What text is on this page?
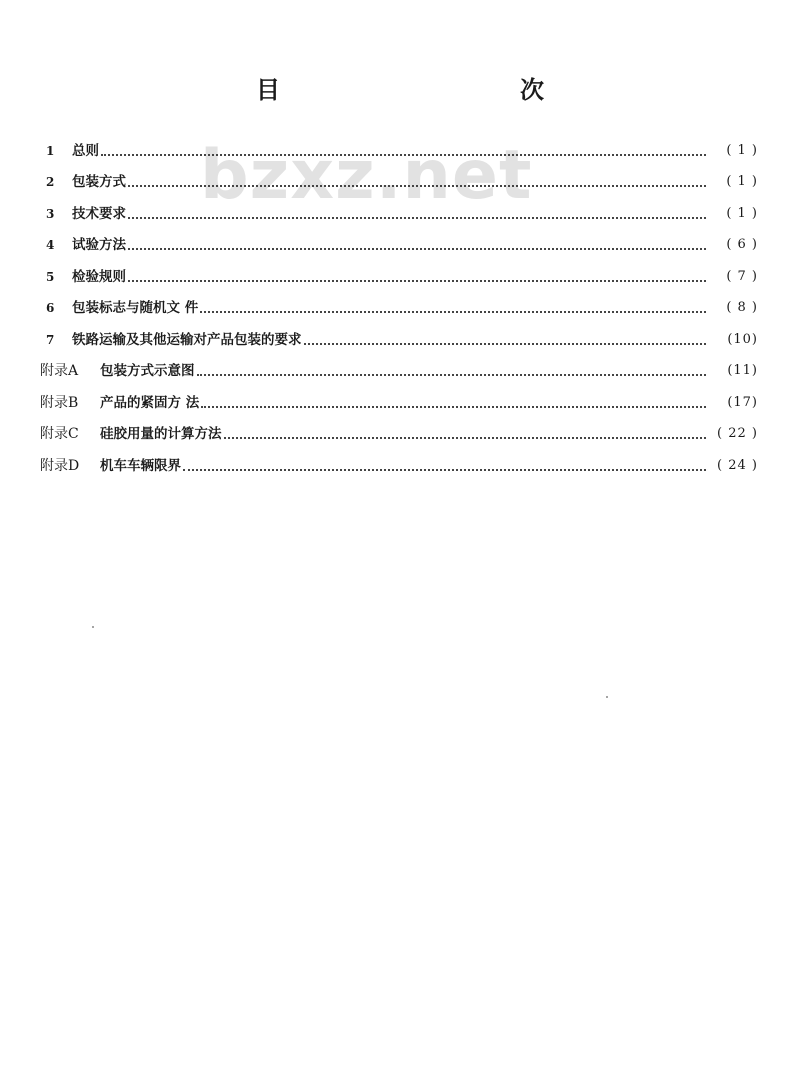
目　　次
bzxz.net
1	总则	( 1 )
2	包装方式	( 1 )
3	技术要求	( 1 )
4	试验方法	( 6 )
5	检验规则	( 7 )
6	包装标志与随机文 件	( 8 )
7	铁路运输及其他运输对产品包装的要求	(10)
附录A	包装方式示意图	(11)
附录B	产品的紧固方 法	(17)
附录C	硅胶用量的计算方法	( 22 )
附录D	机车车辆限界	( 24 )
